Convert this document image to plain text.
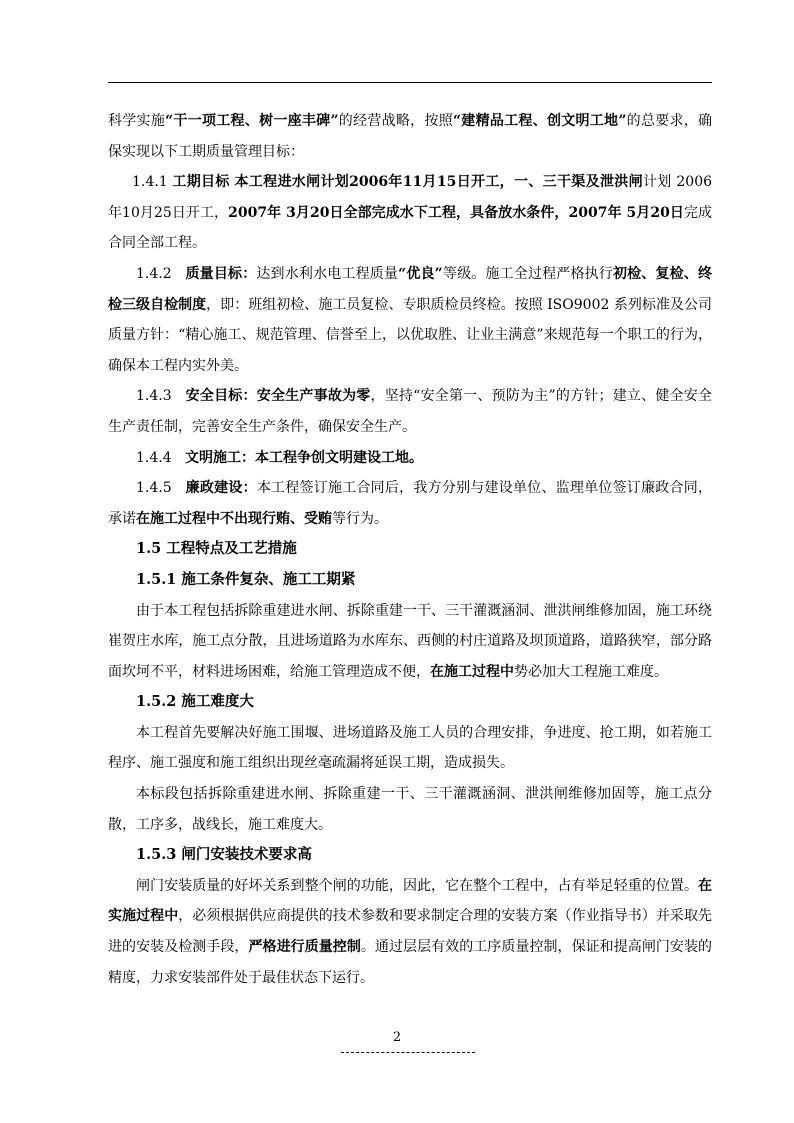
科学实施“干一项工程、树一座丰碑”的经营战略，按照“建精品工程、创文明工地”的总要求，确保实现以下工期质量管理目标：

1.4.1 工期目标 本工程进水闸计划2006年11月15日开工，一、三干渠及泄洪闸计划 2006年10月25日开工，2007年 3月20日全部完成水下工程，具备放水条件，2007年 5月20日完成合同全部工程。

1.4.2 质量目标：达到水利水电工程质量“优良”等级。施工全过程严格执行初检、复检、终检三级自检制度，即：班组初检、施工员复检、专职质检员终检。按照 ISO9002 系列标准及公司质量方针：“精心施工、规范管理、信誉至上，以优取胜、让业主满意”来规范每一个职工的行为，确保本工程内实外美。

1.4.3 安全目标：安全生产事故为零，坚持“安全第一、预防为主”的方针；建立、健全安全生产责任制，完善安全生产条件，确保安全生产。

1.4.4 文明施工：本工程争创文明建设工地。

1.4.5 廉政建设：本工程签订施工合同后，我方分别与建设单位、监理单位签订廉政合同，承诺在施工过程中不出现行贿、受贿等行为。

1.5 工程特点及工艺措施

1.5.1 施工条件复杂、施工工期紧

由于本工程包括拆除重建进水闸、拆除重建一干、三干灌溉涵洞、泄洪闸维修加固，施工环绕崔贺庄水库，施工点分散，且进场道路为水库东、西侧的村庄道路及坝顶道路，道路狭窄，部分路面坎坷不平，材料进场困难，给施工管理造成不便，在施工过程中势必加大工程施工难度。

1.5.2 施工难度大

本工程首先要解决好施工围堰、进场道路及施工人员的合理安排，争进度、抢工期，如若施工程序、施工强度和施工组织出现丝毫疏漏将延误工期，造成损失。

本标段包括拆除重建进水闸、拆除重建一干、三干灌溉涵洞、泄洪闸维修加固等，施工点分散，工序多，战线长，施工难度大。

1.5.3 闸门安装技术要求高

闸门安装质量的好坏关系到整个闸的功能，因此，它在整个工程中，占有举足轻重的位置。在实施过程中，必须根据供应商提供的技术参数和要求制定合理的安装方案（作业指导书）并采取先进的安装及检测手段，严格进行质量控制。通过层层有效的工序质量控制，保证和提高闸门安装的精度，力求安装部件处于最佳状态下运行。

2
